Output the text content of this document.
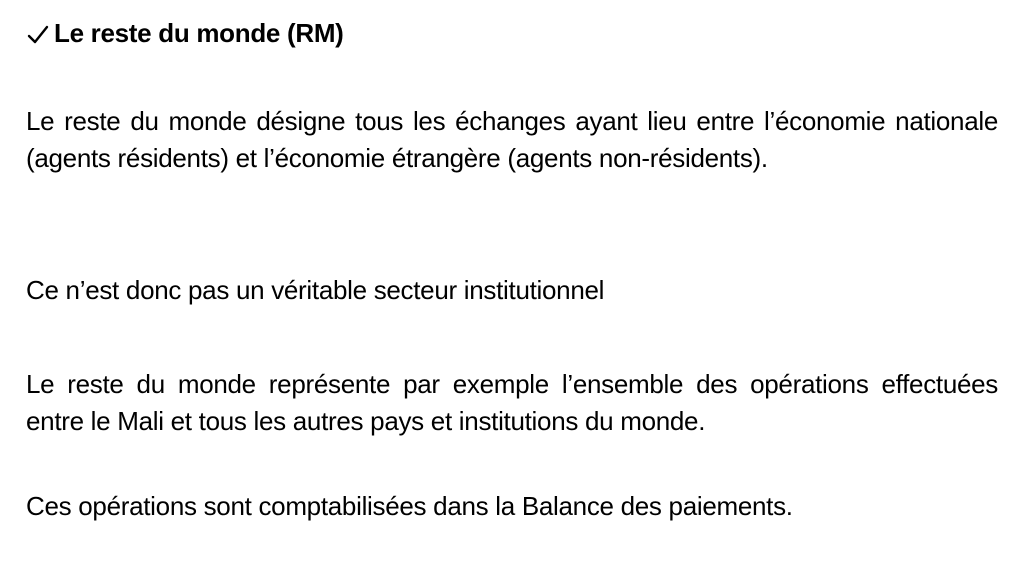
Le reste du monde (RM)
Le reste du monde désigne tous les échanges ayant lieu entre l’économie nationale (agents résidents) et l’économie étrangère (agents non-résidents).
Ce n’est donc pas un véritable secteur institutionnel
Le reste du monde représente par exemple l’ensemble des opérations effectuées entre le Mali et tous les autres pays et institutions du monde.
Ces opérations sont comptabilisées dans la Balance des paiements.
